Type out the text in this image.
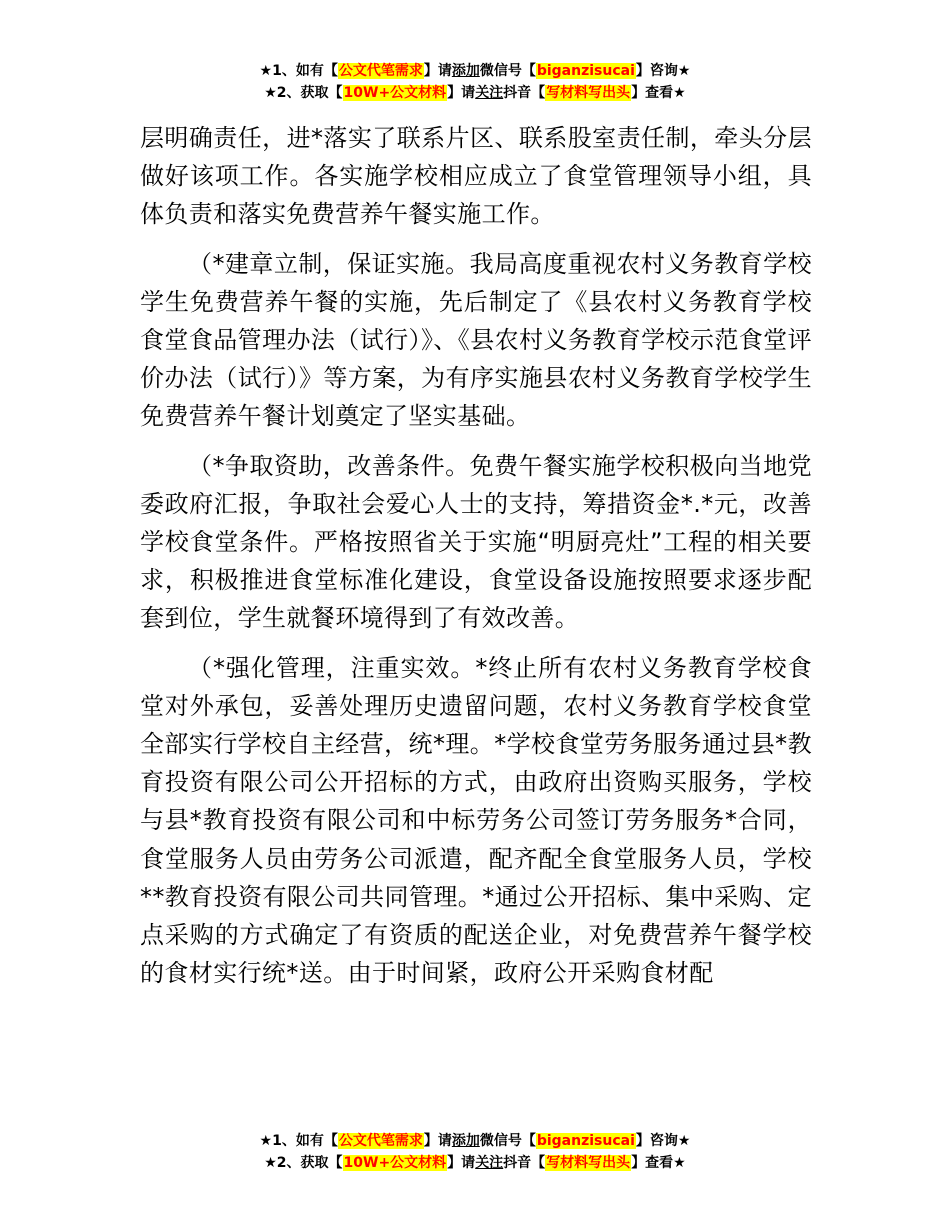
★1、如有【公文代笔需求】请添加微信号【biganzisucai】咨询★
★2、获取【10W+公文材料】请关注抖音【写材料写出头】查看★

层明确责任，进*落实了联系片区、联系股室责任制，牵头分层做好该项工作。各实施学校相应成立了食堂管理领导小组，具体负责和落实免费营养午餐实施工作。

（*建章立制，保证实施。我局高度重视农村义务教育学校学生免费营养午餐的实施，先后制定了《县农村义务教育学校食堂食品管理办法（试行）》、《县农村义务教育学校示范食堂评价办法（试行）》等方案，为有序实施县农村义务教育学校学生免费营养午餐计划奠定了坚实基础。

（*争取资助，改善条件。免费午餐实施学校积极向当地党委政府汇报，争取社会爱心人士的支持，筹措资金*.*元，改善学校食堂条件。严格按照省关于实施“明厨亮灶”工程的相关要求，积极推进食堂标准化建设，食堂设备设施按照要求逐步配套到位，学生就餐环境得到了有效改善。

（*强化管理，注重实效。*终止所有农村义务教育学校食堂对外承包，妥善处理历史遗留问题，农村义务教育学校食堂全部实行学校自主经营，统*理。*学校食堂劳务服务通过县*教育投资有限公司公开招标的方式，由政府出资购买服务，学校与县*教育投资有限公司和中标劳务公司签订劳务服务*合同，食堂服务人员由劳务公司派遣，配齐配全食堂服务人员，学校**教育投资有限公司共同管理。*通过公开招标、集中采购、定点采购的方式确定了有资质的配送企业，对免费营养午餐学校的食材实行统*送。由于时间紧，政府公开采购食材配

★1、如有【公文代笔需求】请添加微信号【biganzisucai】咨询★
★2、获取【10W+公文材料】请关注抖音【写材料写出头】查看★
